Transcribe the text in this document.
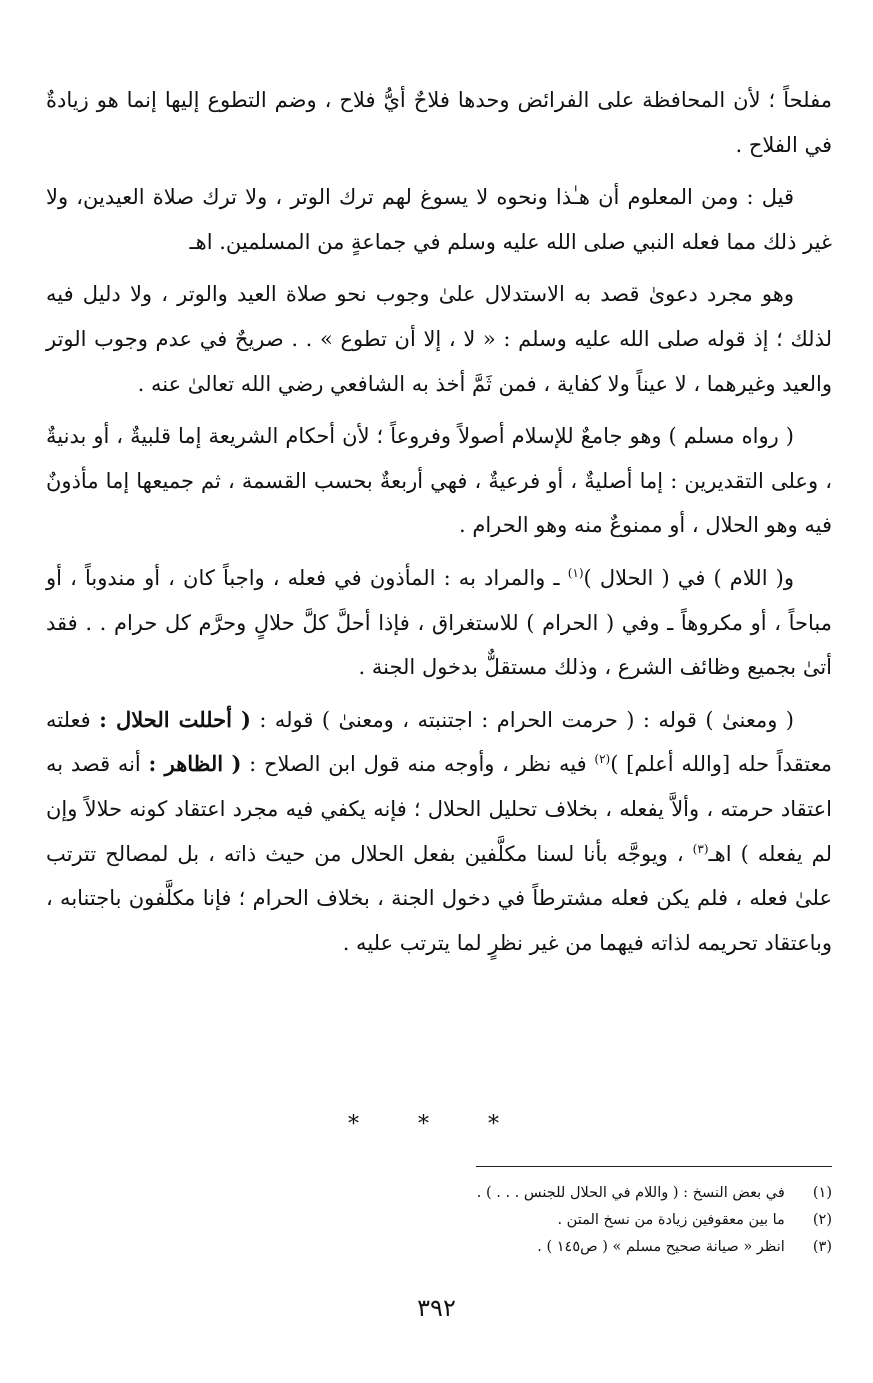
مفلحاً ؛ لأن المحافظة على الفرائض وحدها فلاحٌ أيُّ فلاح ، وضم التطوع إليها إنما هو زيادةٌ في الفلاح .

قيل : ومن المعلوم أن هـٰذا ونحوه لا يسوغ لهم ترك الوتر ، ولا ترك صلاة العيدين، ولا غير ذلك مما فعله النبي صلى الله عليه وسلم في جماعةٍ من المسلمين. اهـ

وهو مجرد دعوىٰ قصد به الاستدلال علىٰ وجوب نحو صلاة العيد والوتر ، ولا دليل فيه لذلك ؛ إذ قوله صلى الله عليه وسلم : « لا ، إلا أن تطوع » . . صريحٌ في عدم وجوب الوتر والعيد وغيرهما ، لا عيناً ولا كفاية ، فمن ثَمَّ أخذ به الشافعي رضي الله تعالىٰ عنه .

( رواه مسلم ) وهو جامعٌ للإسلام أصولاً وفروعاً ؛ لأن أحكام الشريعة إما قلبيةٌ ، أو بدنيةٌ ، وعلى التقديرين : إما أصليةٌ ، أو فرعيةٌ ، فهي أربعةٌ بحسب القسمة ، ثم جميعها إما مأذونٌ فيه وهو الحلال ، أو ممنوعٌ منه وهو الحرام .

و( اللام ) في ( الحلال )$^{(١)}$ ـ والمراد به : المأذون في فعله ، واجباً كان ، أو مندوباً ، أو مباحاً ، أو مكروهاً ـ وفي ( الحرام ) للاستغراق ، فإذا أحلَّ كلَّ حلالٍ وحرَّم كل حرام . . فقد أتىٰ بجميع وظائف الشرع ، وذلك مستقلٌّ بدخول الجنة .

( ومعنىٰ ) قوله : ( حرمت الحرام : اجتنبته ، ومعنىٰ ) قوله : ( أحللت الحلال : فعلته معتقداً حله [والله أعلم] )$^{(٢)}$ فيه نظر ، وأوجه منه قول ابن الصلاح : ( الظاهر : أنه قصد به اعتقاد حرمته ، وألاَّ يفعله ، بخلاف تحليل الحلال ؛ فإنه يكفي فيه مجرد اعتقاد كونه حلالاً وإن لم يفعله ) اهـ$^{(٣)}$ ، ويوجَّه بأنا لسنا مكلَّفين بفعل الحلال من حيث ذاته ، بل لمصالح تترتب علىٰ فعله ، فلم يكن فعله مشترطاً في دخول الجنة ، بخلاف الحرام ؛ فإنا مكلَّفون باجتنابه ، وباعتقاد تحريمه لذاته فيهما من غير نظرٍ لما يترتب عليه .

* * *
(١)  في بعض النسخ : ( واللام في الحلال للجنس . . . ) .
(٢)  ما بين معقوفين زيادة من نسخ المتن .
(٣)  انظر « صيانة صحيح مسلم » ( ص١٤٥ ) .
٣٩٢
